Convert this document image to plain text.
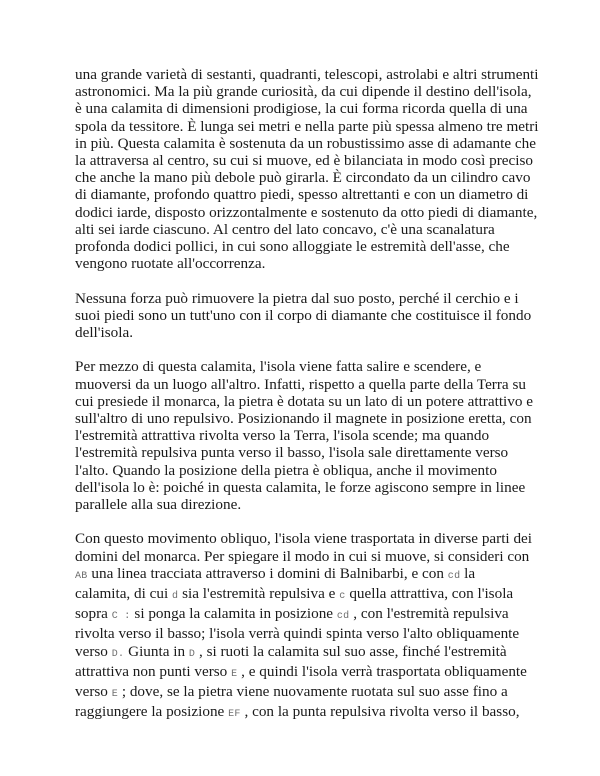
una grande varietà di sestanti, quadranti, telescopi, astrolabi e altri strumenti
astronomici. Ma la più grande curiosità, da cui dipende il destino dell'isola,
è una calamita di dimensioni prodigiose, la cui forma ricorda quella di una
spola da tessitore. È lunga sei metri e nella parte più spessa almeno tre metri
in più. Questa calamita è sostenuta da un robustissimo asse di adamante che
la attraversa al centro, su cui si muove, ed è bilanciata in modo così preciso
che anche la mano più debole può girarla. È circondato da un cilindro cavo
di diamante, profondo quattro piedi, spesso altrettanti e con un diametro di
dodici iarde, disposto orizzontalmente e sostenuto da otto piedi di diamante,
alti sei iarde ciascuno. Al centro del lato concavo, c'è una scanalatura
profonda dodici pollici, in cui sono alloggiate le estremità dell'asse, che
vengono ruotate all'occorrenza.
Nessuna forza può rimuovere la pietra dal suo posto, perché il cerchio e i
suoi piedi sono un tutt'uno con il corpo di diamante che costituisce il fondo
dell'isola.
Per mezzo di questa calamita, l'isola viene fatta salire e scendere, e
muoversi da un luogo all'altro. Infatti, rispetto a quella parte della Terra su
cui presiede il monarca, la pietra è dotata su un lato di un potere attrattivo e
sull'altro di uno repulsivo. Posizionando il magnete in posizione eretta, con
l'estremità attrattiva rivolta verso la Terra, l'isola scende; ma quando
l'estremità repulsiva punta verso il basso, l'isola sale direttamente verso
l'alto. Quando la posizione della pietra è obliqua, anche il movimento
dell'isola lo è: poiché in questa calamita, le forze agiscono sempre in linee
parallele alla sua direzione.
Con questo movimento obliquo, l'isola viene trasportata in diverse parti dei
domini del monarca. Per spiegare il modo in cui si muove, si consideri con
AB una linea tracciata attraverso i domini di Balnibarbi, e con cd la
calamita, di cui d sia l'estremità repulsiva e c quella attrattiva, con l'isola
sopra C : si ponga la calamita in posizione cd , con l'estremità repulsiva
rivolta verso il basso; l'isola verrà quindi spinta verso l'alto obliquamente
verso D. Giunta in D , si ruoti la calamita sul suo asse, finché l'estremità
attrattiva non punti verso E , e quindi l'isola verrà trasportata obliquamente
verso E ; dove, se la pietra viene nuovamente ruotata sul suo asse fino a
raggiungere la posizione EF , con la punta repulsiva rivolta verso il basso,
